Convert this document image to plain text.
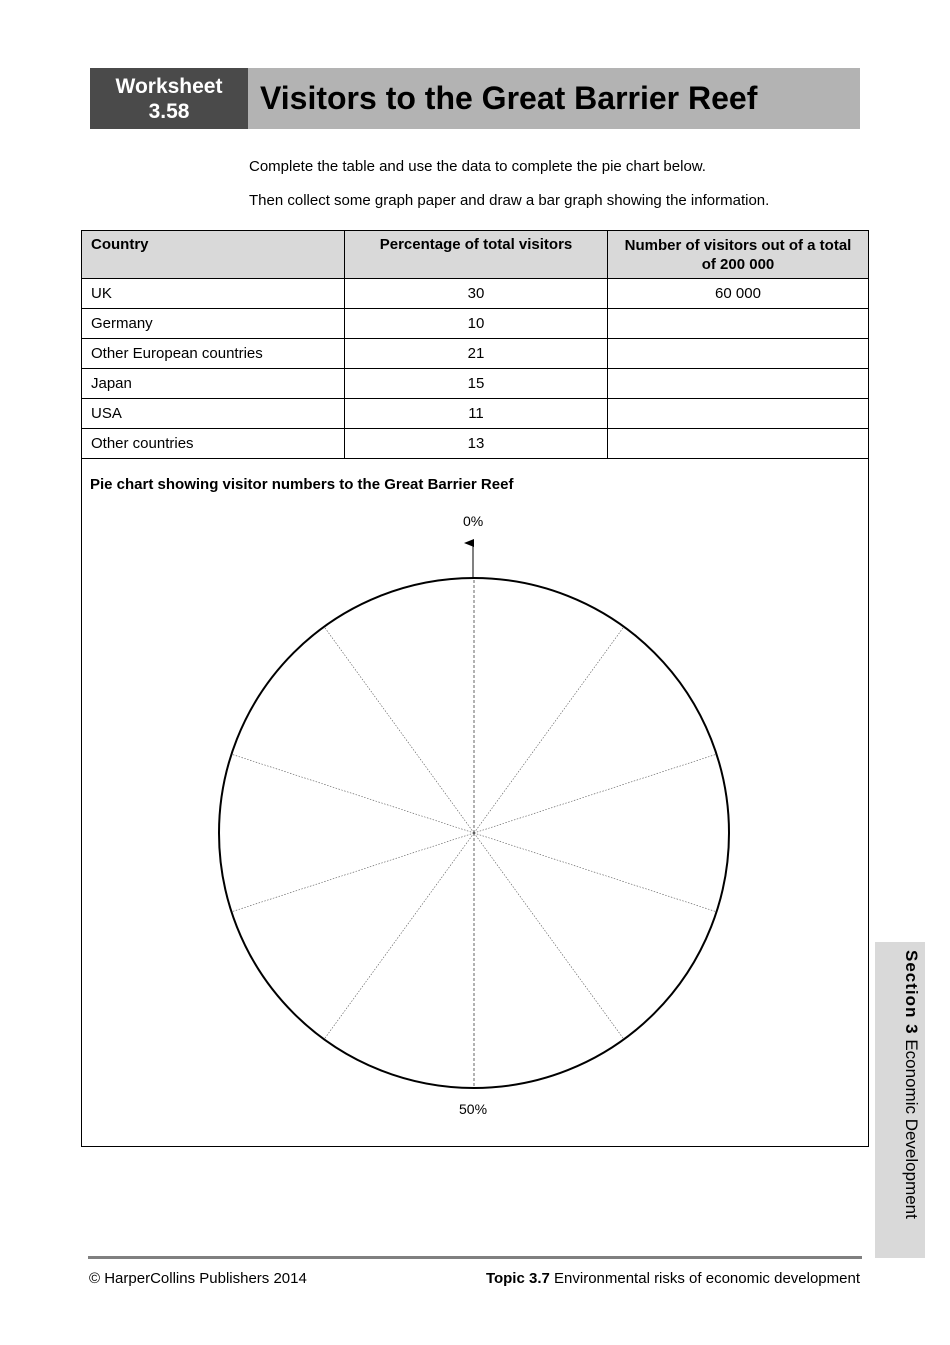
Worksheet
3.58	Visitors to the Great Barrier Reef
Complete the table and use the data to complete the pie chart below.
Then collect some graph paper and draw a bar graph showing the information.
Country	Percentage of total visitors	Number of visitors out of a total of 200 000
UK	30	60 000
Germany	10	
Other European countries	21	
Japan	15	
USA	11	
Other countries	13	
Pie chart showing visitor numbers to the Great Barrier Reef
0%
50%
Section 3 Economic Development
© HarperCollins Publishers 2014	Topic 3.7 Environmental risks of economic development
